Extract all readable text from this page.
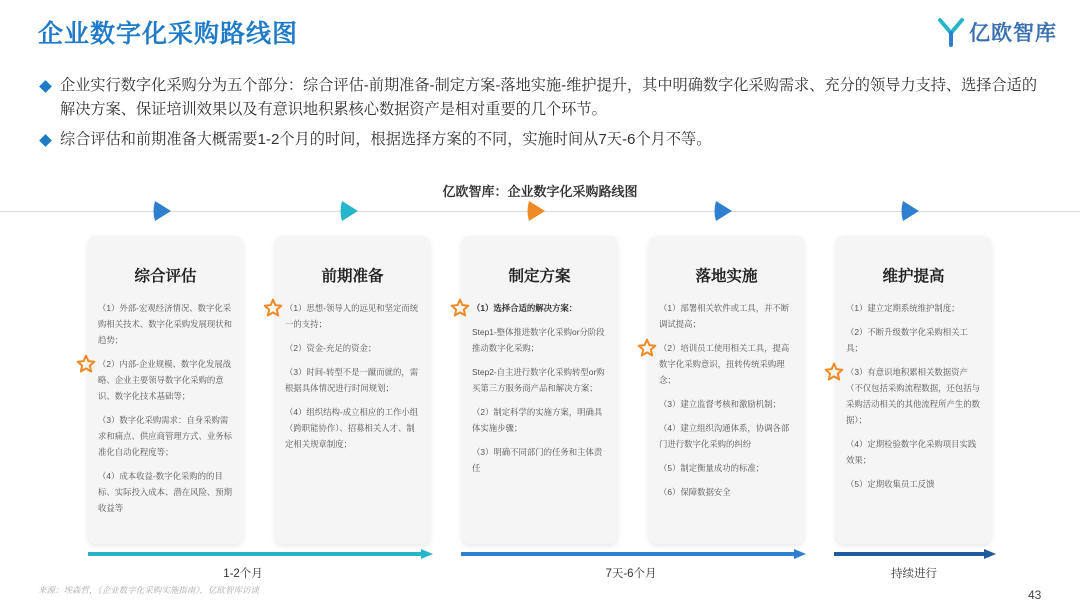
企业数字化采购路线图	亿欧智库
企业实行数字化采购分为五个部分：综合评估-前期准备-制定方案-落地实施-维护提升，其中明确数字化采购需求、充分的领导力支持、选择合适的解决方案、保证培训效果以及有意识地积累核心数据资产是相对重要的几个环节。
综合评估和前期准备大概需要1-2个月的时间，根据选择方案的不同，实施时间从7天-6个月不等。
亿欧智库：企业数字化采购路线图
综合评估
（1）外部-宏观经济情况、数字化采购相关技术、数字化采购发展现状和趋势；
（2）内部-企业规模、数字化发展战略、企业主要领导数字化采购的意识、数字化技术基础等；
（3）数字化采购需求：自身采购需求和痛点、供应商管理方式、业务标准化自动化程度等；
（4）成本收益-数字化采购的的目标、实际投入成本、潜在风险、预期收益等
前期准备
（1）思想-领导人的远见和坚定而统一的支持；
（2）资金-充足的资金；
（3）时间-转型不是一蹴而就的，需根据具体情况进行时间规划；
（4）组织结构-成立相应的工作小组（跨职能协作）、招募相关人才、制定相关规章制度；
制定方案
（1）选择合适的解决方案：
Step1-整体推进数字化采购or分阶段推动数字化采购；
Step2-自主进行数字化采购转型or购买第三方服务商产品和解决方案；
（2）制定科学的实施方案，明确具体实施步骤；
（3）明确不同部门的任务和主体责任
落地实施
（1）部署相关软件或工具，并不断调试提高；
（2）培训员工使用相关工具，提高数字化采购意识，扭转传统采购理念；
（3）建立监督考核和激励机制；
（4）建立组织沟通体系，协调各部门进行数字化采购的纠纷
（5）制定衡量成功的标准；
（6）保障数据安全
维护提高
（1）建立定期系统维护制度；
（2）不断升级数字化采购相关工具；
（3）有意识地积累相关数据资产（不仅包括采购流程数据，还包括与采购活动相关的其他流程所产生的数据）；
（4）定期检验数字化采购项目实践效果；
（5）定期收集员工反馈
1-2个月	7天-6个月	持续进行
来源：埃森哲，《企业数字化采购实施指南》，亿欧智库访谈	43
